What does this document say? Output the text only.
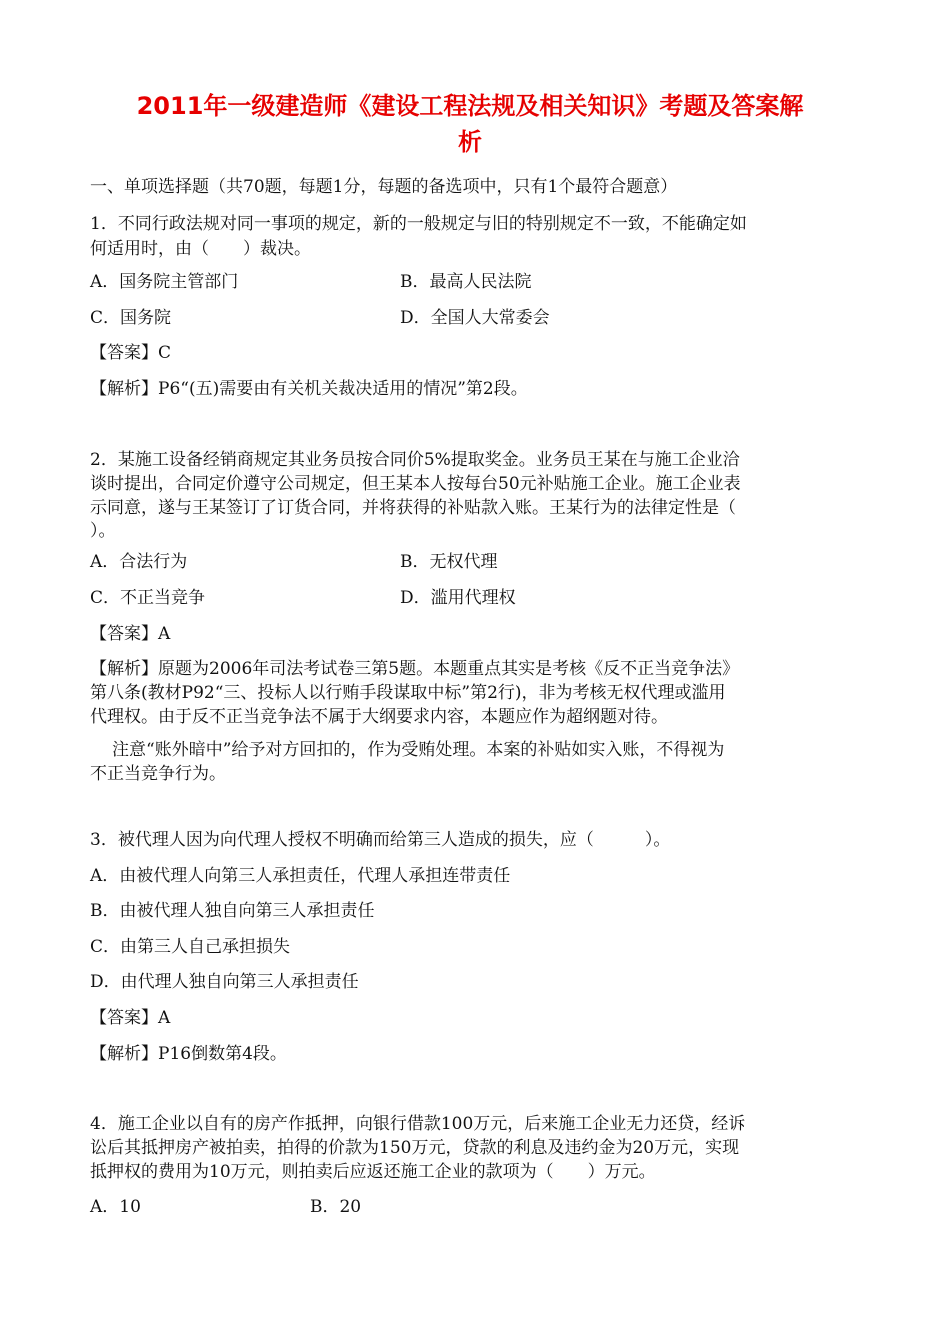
2011年一级建造师《建设工程法规及相关知识》考题及答案解
析
一、单项选择题（共70题，每题1分，每题的备选项中，只有1个最符合题意）
1．不同行政法规对同一事项的规定，新的一般规定与旧的特别规定不一致，不能确定如
何适用时，由（　　）裁决。
A．国务院主管部门	B．最高人民法院
C．国务院	D．全国人大常委会
【答案】C
【解析】P6“(五)需要由有关机关裁决适用的情况”第2段。
2．某施工设备经销商规定其业务员按合同价5%提取奖金。业务员王某在与施工企业洽
谈时提出，合同定价遵守公司规定，但王某本人按每台50元补贴施工企业。施工企业表
示同意，遂与王某签订了订货合同，并将获得的补贴款入账。王某行为的法律定性是（
）。
A．合法行为	B．无权代理
C．不正当竞争	D．滥用代理权
【答案】A
【解析】原题为2006年司法考试卷三第5题。本题重点其实是考核《反不正当竞争法》
第八条(教材P92“三、投标人以行贿手段谋取中标”第2行)，非为考核无权代理或滥用
代理权。由于反不正当竞争法不属于大纲要求内容，本题应作为超纲题对待。
注意“账外暗中”给予对方回扣的，作为受贿处理。本案的补贴如实入账，不得视为
不正当竞争行为。
3．被代理人因为向代理人授权不明确而给第三人造成的损失，应（　　　）。
A．由被代理人向第三人承担责任，代理人承担连带责任
B．由被代理人独自向第三人承担责任
C．由第三人自己承担损失
D．由代理人独自向第三人承担责任
【答案】A
【解析】P16倒数第4段。
4．施工企业以自有的房产作抵押，向银行借款100万元，后来施工企业无力还贷，经诉
讼后其抵押房产被拍卖，拍得的价款为150万元，贷款的利息及违约金为20万元，实现
抵押权的费用为10万元，则拍卖后应返还施工企业的款项为（　　）万元。
A．10	B．20
